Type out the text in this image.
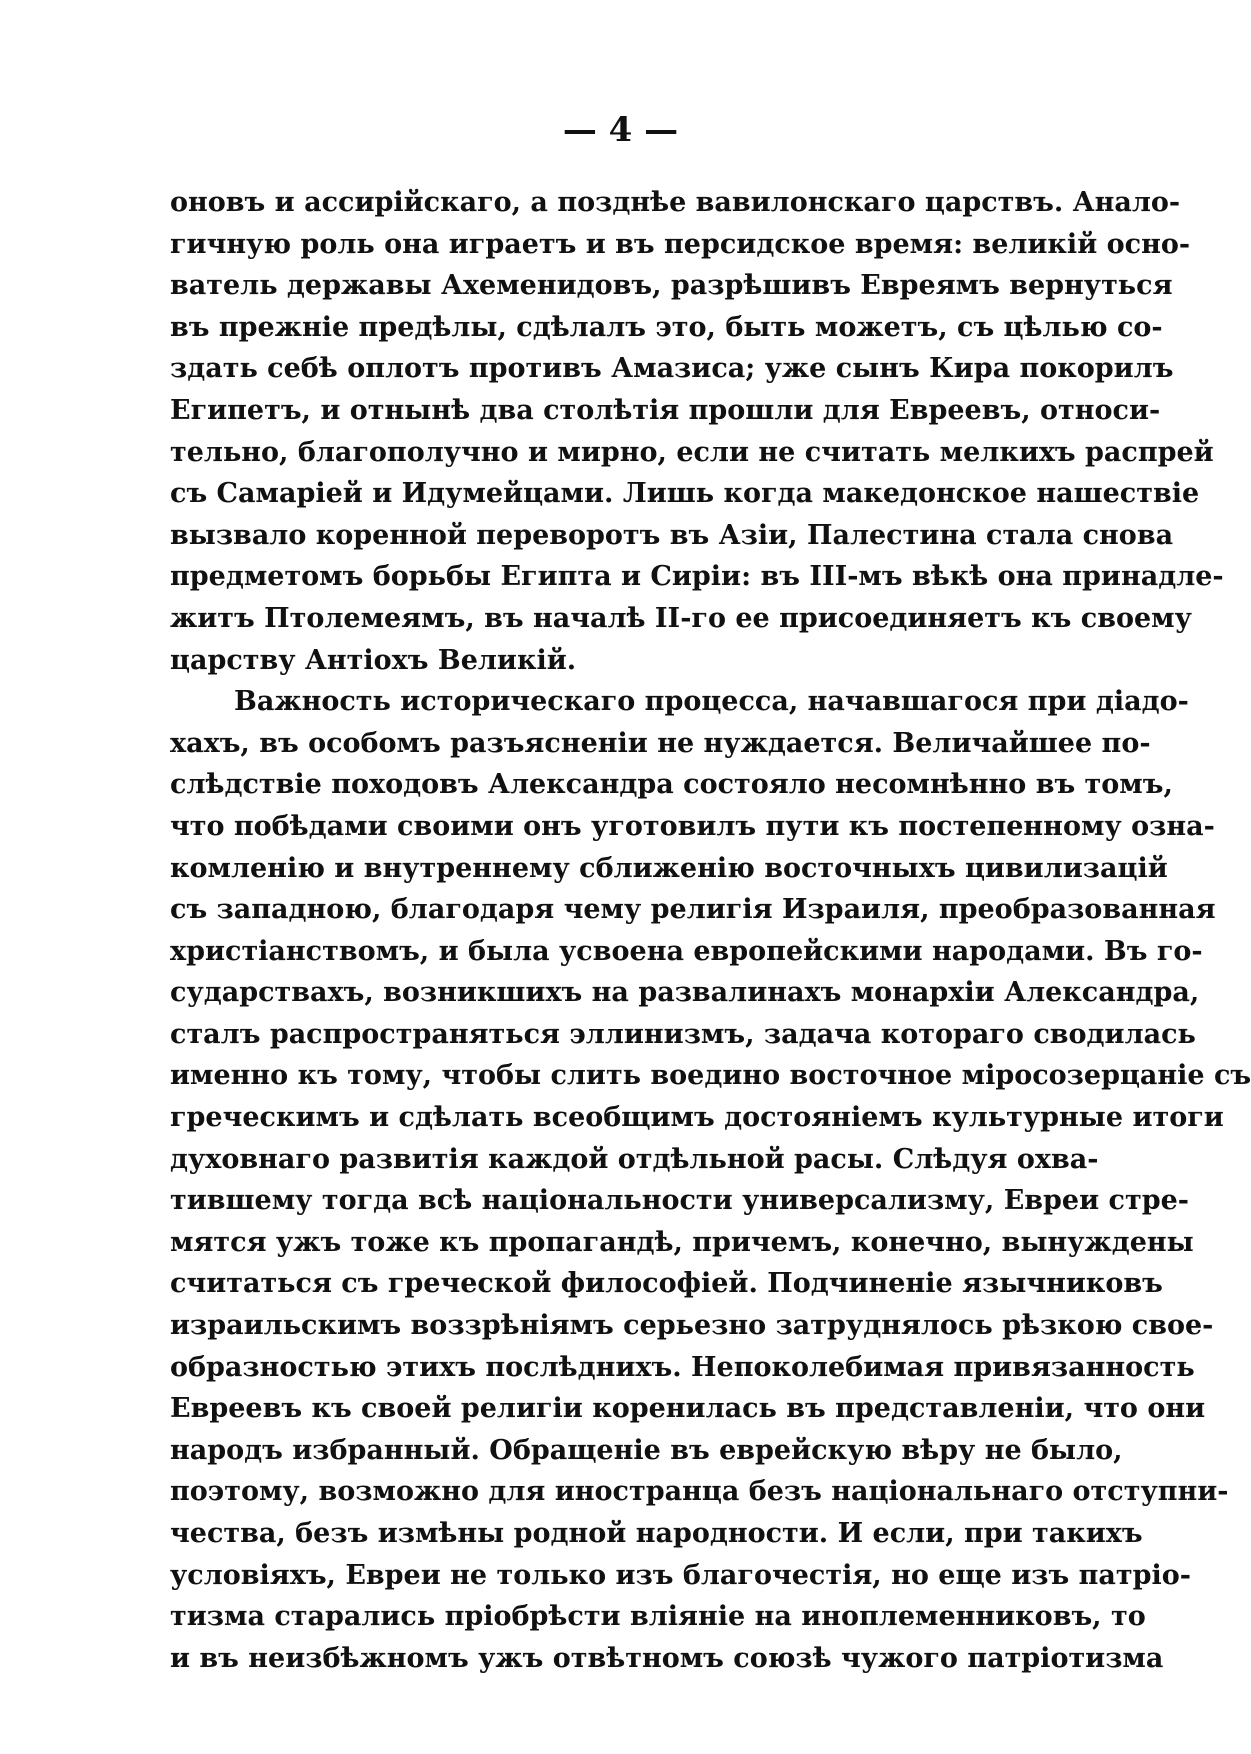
— 4 —
оновъ и ассирійскаго, а позднѣе вавилонскаго царствъ. Анало-
гичную роль она играетъ и въ персидское время: великій осно-
ватель державы Ахеменидовъ, разрѣшивъ Евреямъ вернуться
въ прежніе предѣлы, сдѣлалъ это, быть можетъ, съ цѣлью со-
здать себѣ оплотъ противъ Амазиса; уже сынъ Кира покорилъ
Египетъ, и отнынѣ два столѣтія прошли для Евреевъ, относи-
тельно, благополучно и мирно, если не считать мелкихъ распрей
съ Самаріей и Идумейцами. Лишь когда македонское нашествіе
вызвало коренной переворотъ въ Азіи, Палестина стала снова
предметомъ борьбы Египта и Сиріи: въ III-мъ вѣкѣ она принадле-
житъ Птолемеямъ, въ началѣ II-го ее присоединяетъ къ своему
царству Антіохъ Великій.
Важность историческаго процесса, начавшагося при діадо-
хахъ, въ особомъ разъясненіи не нуждается. Величайшее по-
слѣдствіе походовъ Александра состояло несомнѣнно въ томъ,
что побѣдами своими онъ уготовилъ пути къ постепенному озна-
комленію и внутреннему сближенію восточныхъ цивилизацій
съ западною, благодаря чему религія Израиля, преобразованная
христіанствомъ, и была усвоена европейскими народами. Въ го-
сударствахъ, возникшихъ на развалинахъ монархіи Александра,
сталъ распространяться эллинизмъ, задача котораго сводилась
именно къ тому, чтобы слить воедино восточное міросозерцаніе съ
греческимъ и сдѣлать всеобщимъ достояніемъ культурные итоги
духовнаго развитія каждой отдѣльной расы. Слѣдуя охва-
тившему тогда всѣ національности универсализму, Евреи стре-
мятся ужъ тоже къ пропагандѣ, причемъ, конечно, вынуждены
считаться съ греческой философіей. Подчиненіе язычниковъ
израильскимъ воззрѣніямъ серьезно затруднялось рѣзкою свое-
образностью этихъ послѣднихъ. Непоколебимая привязанность
Евреевъ къ своей религіи коренилась въ представленіи, что они
народъ избранный. Обращеніе въ еврейскую вѣру не было,
поэтому, возможно для иностранца безъ національнаго отступни-
чества, безъ измѣны родной народности. И если, при такихъ
условіяхъ, Евреи не только изъ благочестія, но еще изъ патріо-
тизма старались пріобрѣсти вліяніе на иноплеменниковъ, то
и въ неизбѣжномъ ужъ отвѣтномъ союзѣ чужого патріотизма
